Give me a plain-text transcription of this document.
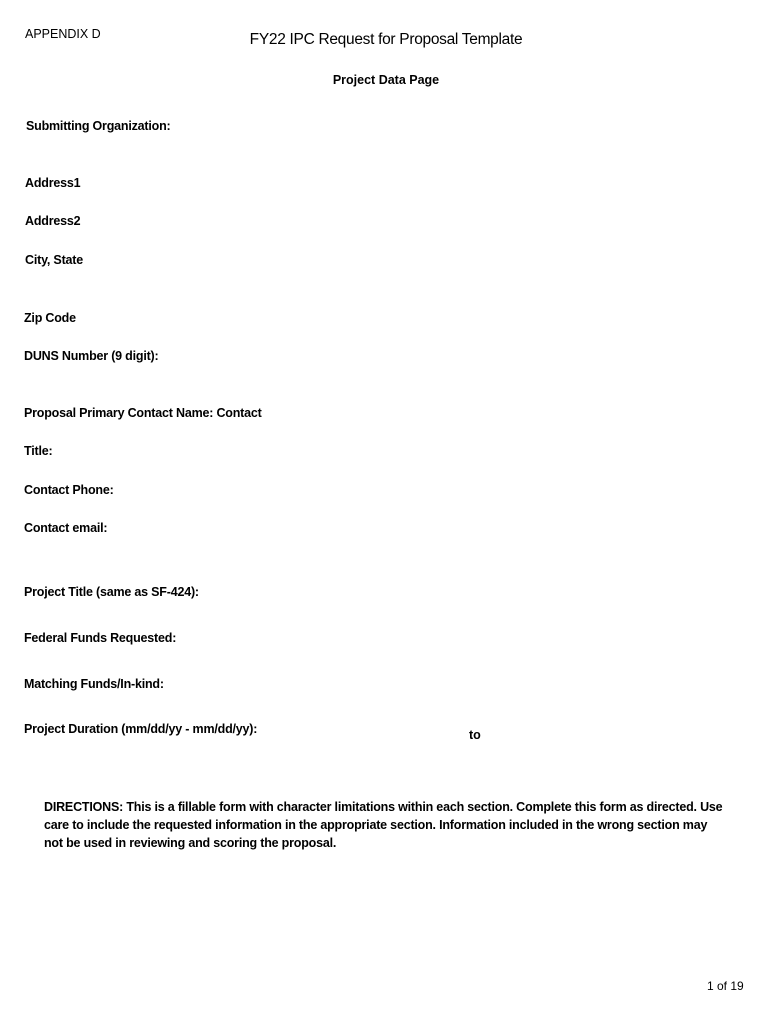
APPENDIX D	FY22 IPC Request for Proposal Template
Project Data Page
Submitting Organization:
Address1
Address2
City, State
Zip Code
DUNS Number (9 digit):
Proposal Primary Contact Name: Contact
Title:
Contact Phone:
Contact email:
Project Title (same as SF-424):
Federal Funds Requested:
Matching Funds/In-kind:
Project Duration (mm/dd/yy - mm/dd/yy):	to
DIRECTIONS: This is a fillable form with character limitations within each section. Complete this form as directed. Use care to include the requested information in the appropriate section. Information included in the wrong section may not be used in reviewing and scoring the proposal.
1 of 19
